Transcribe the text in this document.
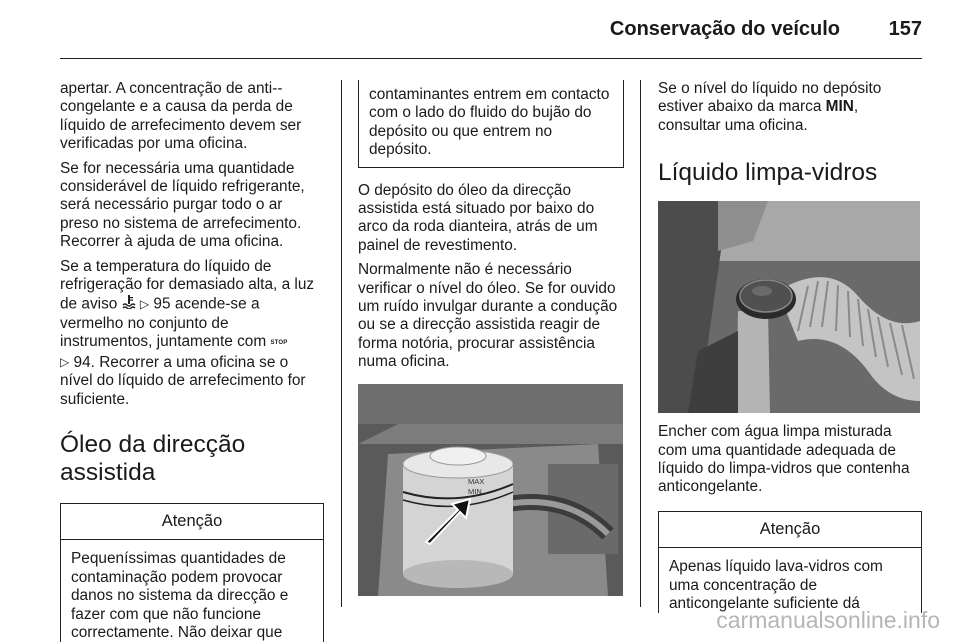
Conservação do veículo 157

apertar. A concentração de anti--congelante e a causa da perda de líquido de arrefecimento devem ser verificadas por uma oficina.

Se for necessária uma quantidade considerável de líquido refrigerante, será necessário purgar todo o ar preso no sistema de arrefecimento. Recorrer à ajuda de uma oficina.

Se a temperatura do líquido de refrigeração for demasiado alta, a luz de aviso ▷ 95 acende-se a vermelho no conjunto de instrumentos, juntamente com STOP
▷ 94. Recorrer a uma oficina se o nível do líquido de arrefecimento for suficiente.

Óleo da direcção assistida
Atenção
Pequeníssimas quantidades de contaminação podem provocar danos no sistema da direcção e fazer com que não funcione correctamente. Não deixar que
contaminantes entrem em contacto com o lado do fluido do bujão do depósito ou que entrem no depósito.

O depósito do óleo da direcção assistida está situado por baixo do arco da roda dianteira, atrás de um painel de revestimento.

Normalmente não é necessário verificar o nível do óleo. Se for ouvido um ruído invulgar durante a condução ou se a direcção assistida reagir de forma notória, procurar assistência numa oficina.

MAX
MIN

Se o nível do líquido no depósito estiver abaixo da marca MIN, consultar uma oficina.

Líquido limpa-vidros

Encher com água limpa misturada com uma quantidade adequada de líquido do limpa-vidros que contenha anticongelante.

Atenção
Apenas líquido lava-vidros com uma concentração de anticongelante suficiente dá
carmanualsonline.info
